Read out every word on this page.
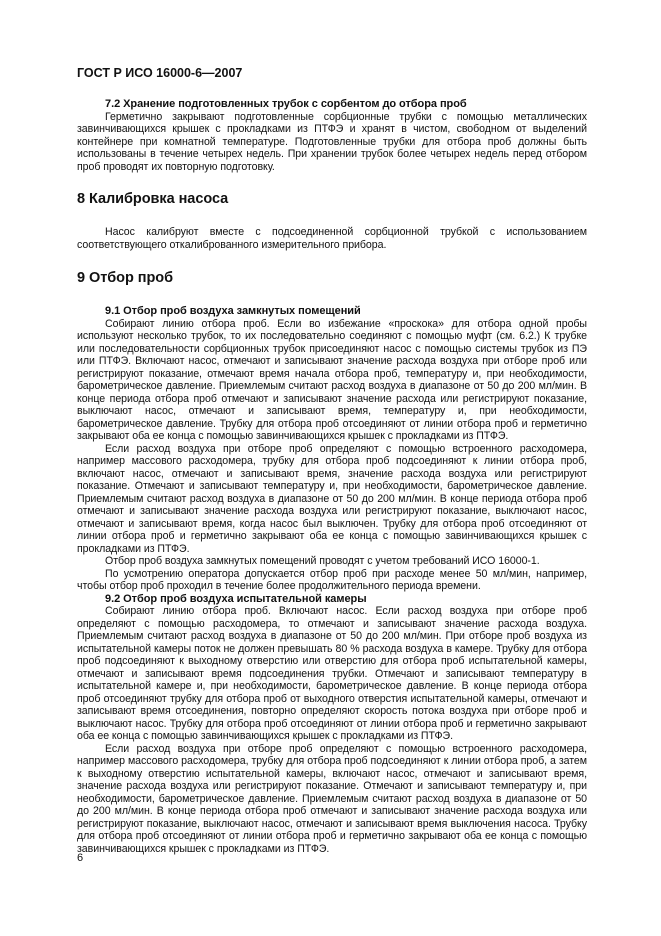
ГОСТ Р ИСО 16000-6—2007
7.2 Хранение подготовленных трубок с сорбентом до отбора проб

Герметично закрывают подготовленные сорбционные трубки с помощью металлических завинчивающихся крышек с прокладками из ПТФЭ и хранят в чистом, свободном от выделений контейнере при комнатной температуре. Подготовленные трубки для отбора проб должны быть использованы в течение четырех недель. При хранении трубок более четырех недель перед отбором проб проводят их повторную подготовку.

8 Калибровка насоса

Насос калибруют вместе с подсоединенной сорбционной трубкой с использованием соответствующего откалиброванного измерительного прибора.

9 Отбор проб
9.1 Отбор проб воздуха замкнутых помещений

Собирают линию отбора проб. Если во избежание «проскока» для отбора одной пробы используют несколько трубок, то их последовательно соединяют с помощью муфт (см. 6.2.) К трубке или последовательности сорбционных трубок присоединяют насос с помощью системы трубок из ПЭ или ПТФЭ. Включают насос, отмечают и записывают значение расхода воздуха при отборе проб или регистрируют показание, отмечают время начала отбора проб, температуру и, при необходимости, барометрическое давление. Приемлемым считают расход воздуха в диапазоне от 50 до 200 мл/мин. В конце периода отбора проб отмечают и записывают значение расхода или регистрируют показание, выключают насос, отмечают и записывают время, температуру и, при необходимости, барометрическое давление. Трубку для отбора проб отсоединяют от линии отбора проб и герметично закрывают оба ее конца с помощью завинчивающихся крышек с прокладками из ПТФЭ.

Если расход воздуха при отборе проб определяют с помощью встроенного расходомера, например массового расходомера, трубку для отбора проб подсоединяют к линии отбора проб, включают насос, отмечают и записывают время, значение расхода воздуха или регистрируют показание. Отмечают и записывают температуру и, при необходимости, барометрическое давление. Приемлемым считают расход воздуха в диапазоне от 50 до 200 мл/мин. В конце периода отбора проб отмечают и записывают значение расхода воздуха или регистрируют показание, выключают насос, отмечают и записывают время, когда насос был выключен. Трубку для отбора проб отсоединяют от линии отбора проб и герметично закрывают оба ее конца с помощью завинчивающихся крышек с прокладками из ПТФЭ.

Отбор проб воздуха замкнутых помещений проводят с учетом требований ИСО 16000-1.

По усмотрению оператора допускается отбор проб при расходе менее 50 мл/мин, например, чтобы отбор проб проходил в течение более продолжительного периода времени.

9.2 Отбор проб воздуха испытательной камеры

Собирают линию отбора проб. Включают насос. Если расход воздуха при отборе проб определяют с помощью расходомера, то отмечают и записывают значение расхода воздуха. Приемлемым считают расход воздуха в диапазоне от 50 до 200 мл/мин. При отборе проб воздуха из испытательной камеры поток не должен превышать 80 % расхода воздуха в камере. Трубку для отбора проб подсоединяют к выходному отверстию или отверстию для отбора проб испытательной камеры, отмечают и записывают время подсоединения трубки. Отмечают и записывают температуру в испытательной камере и, при необходимости, барометрическое давление. В конце периода отбора проб отсоединяют трубку для отбора проб от выходного отверстия испытательной камеры, отмечают и записывают время отсоединения, повторно определяют скорость потока воздуха при отборе проб и выключают насос. Трубку для отбора проб отсоединяют от линии отбора проб и герметично закрывают оба ее конца с помощью завинчивающихся крышек с прокладками из ПТФЭ.

Если расход воздуха при отборе проб определяют с помощью встроенного расходомера, например массового расходомера, трубку для отбора проб подсоединяют к линии отбора проб, а затем к выходному отверстию испытательной камеры, включают насос, отмечают и записывают время, значение расхода воздуха или регистрируют показание. Отмечают и записывают температуру и, при необходимости, барометрическое давление. Приемлемым считают расход воздуха в диапазоне от 50 до 200 мл/мин. В конце периода отбора проб отмечают и записывают значение расхода воздуха или регистрируют показание, выключают насос, отмечают и записывают время выключения насоса. Трубку для отбора проб отсоединяют от линии отбора проб и герметично закрывают оба ее конца с помощью завинчивающихся крышек с прокладками из ПТФЭ.

6
